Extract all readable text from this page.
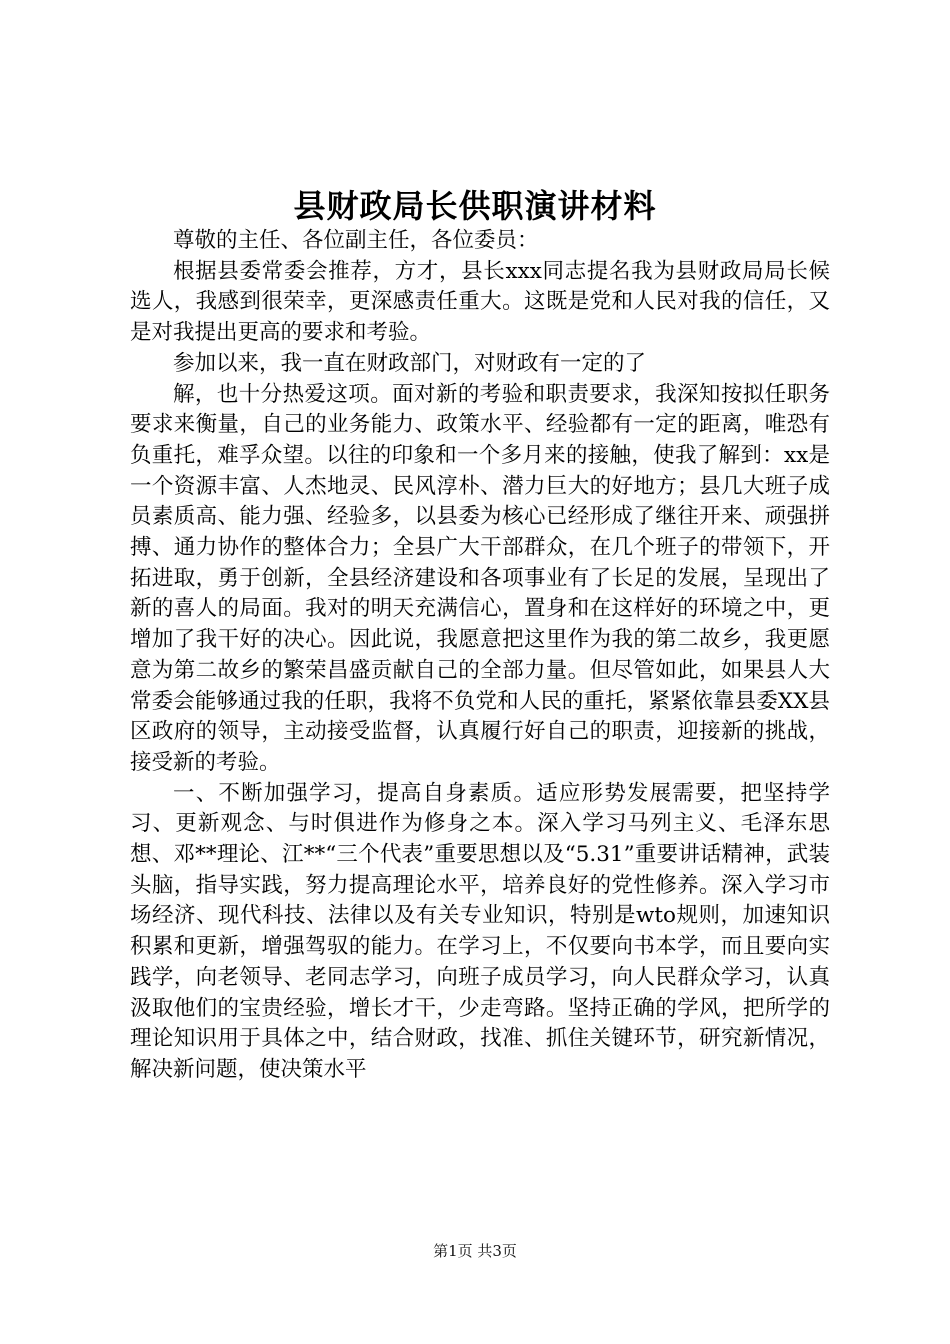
县财政局长供职演讲材料

尊敬的主任、各位副主任，各位委员：

根据县委常委会推荐，方才，县长xxx同志提名我为县财政局局长候选人，我感到很荣幸，更深感责任重大。这既是党和人民对我的信任，又是对我提出更高的要求和考验。

参加以来，我一直在财政部门，对财政有一定的了

解，也十分热爱这项。面对新的考验和职责要求，我深知按拟任职务要求来衡量，自己的业务能力、政策水平、经验都有一定的距离，唯恐有负重托，难孚众望。以往的印象和一个多月来的接触，使我了解到：xx是一个资源丰富、人杰地灵、民风淳朴、潜力巨大的好地方；县几大班子成员素质高、能力强、经验多，以县委为核心已经形成了继往开来、顽强拼搏、通力协作的整体合力；全县广大干部群众，在几个班子的带领下，开拓进取，勇于创新，全县经济建设和各项事业有了长足的发展，呈现出了新的喜人的局面。我对的明天充满信心，置身和在这样好的环境之中，更增加了我干好的决心。因此说，我愿意把这里作为我的第二故乡，我更愿意为第二故乡的繁荣昌盛贡献自己的全部力量。但尽管如此，如果县人大常委会能够通过我的任职，我将不负党和人民的重托，紧紧依靠县委XX县区政府的领导，主动接受监督，认真履行好自己的职责，迎接新的挑战，接受新的考验。

一、不断加强学习，提高自身素质。适应形势发展需要，把坚持学习、更新观念、与时俱进作为修身之本。深入学习马列主义、毛泽东思想、邓**理论、江**“三个代表”重要思想以及“5.31”重要讲话精神，武装头脑，指导实践，努力提高理论水平，培养良好的党性修养。深入学习市场经济、现代科技、法律以及有关专业知识，特别是wto规则，加速知识积累和更新，增强驾驭的能力。在学习上，不仅要向书本学，而且要向实践学，向老领导、老同志学习，向班子成员学习，向人民群众学习，认真汲取他们的宝贵经验，增长才干，少走弯路。坚持正确的学风，把所学的理论知识用于具体之中，结合财政，找准、抓住关键环节，研究新情况，解决新问题，使决策水平

第1页 共3页
